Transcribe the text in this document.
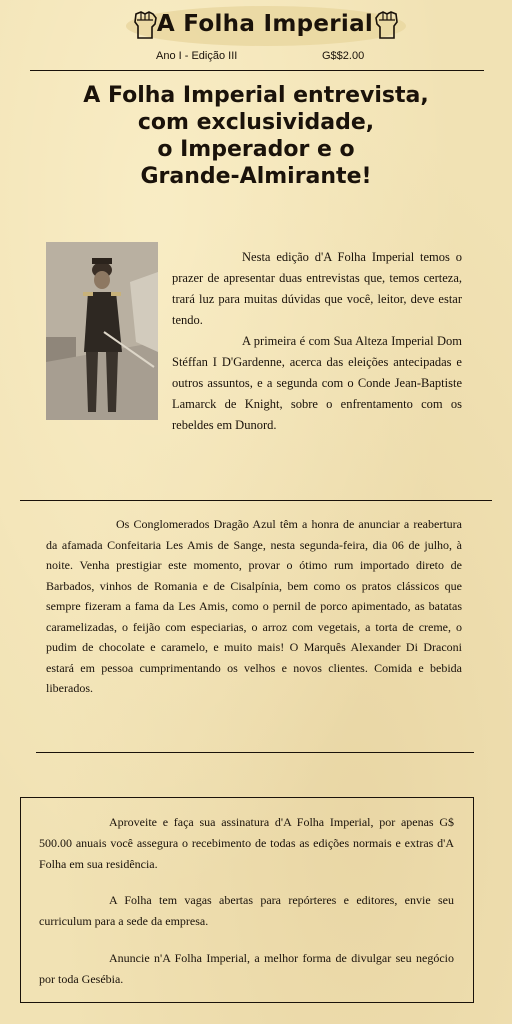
A Folha Imperial
Ano I - Edição III	G$$2.00
A Folha Imperial entrevista,
com exclusividade,
o Imperador e o
Grande-Almirante!

Nesta edição d'A Folha Imperial temos o prazer de apresentar duas entrevistas que, temos certeza, trará luz para muitas dúvidas que você, leitor, deve estar tendo.

A primeira é com Sua Alteza Imperial Dom Stéffan I D'Gardenne, acerca das eleições antecipadas e outros assuntos, e a segunda com o Conde Jean-Baptiste Lamarck de Knight, sobre o enfrentamento com os rebeldes em Dunord.

Os Conglomerados Dragão Azul têm a honra de anunciar a reabertura da afamada Confeitaria Les Amis de Sange, nesta segunda-feira, dia 06 de julho, à noite. Venha prestigiar este momento, provar o ótimo rum importado direto de Barbados, vinhos de Romania e de Cisalpínia, bem como os pratos clássicos que sempre fizeram a fama da Les Amis, como o pernil de porco apimentado, as batatas caramelizadas, o feijão com especiarias, o arroz com vegetais, a torta de creme, o pudim de chocolate e caramelo, e muito mais! O Marquês Alexander Di Draconi estará em pessoa cumprimentando os velhos e novos clientes. Comida e bebida liberados.

Aproveite e faça sua assinatura d'A Folha Imperial, por apenas G$ 500.00 anuais você assegura o recebimento de todas as edições normais e extras d'A Folha em sua residência.

A Folha tem vagas abertas para repórteres e editores, envie seu curriculum para a sede da empresa.

Anuncie n'A Folha Imperial, a melhor forma de divulgar seu negócio por toda Gesébia.
